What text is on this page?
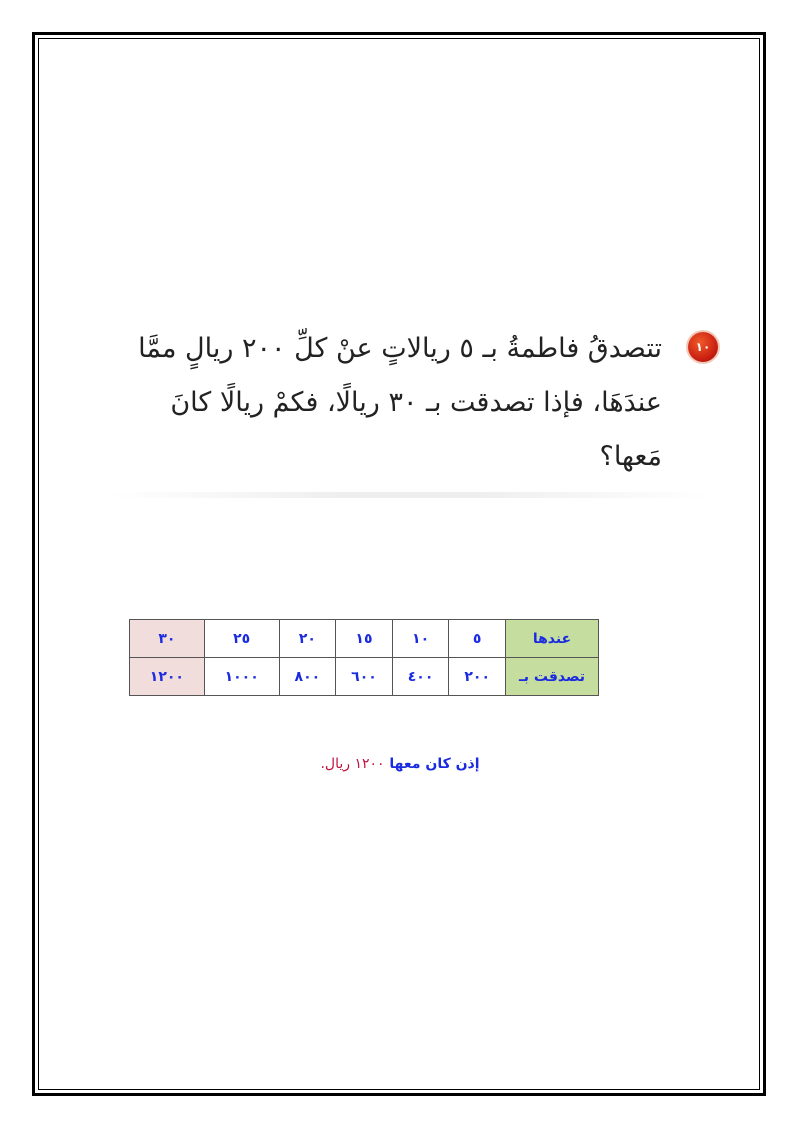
١٠
تتصدقُ فاطمةُ بـ ٥ ريالاتٍ عنْ كلِّ ٢٠٠ ريالٍ ممَّا عندَهَا، فإذا تصدقت بـ ٣٠ ريالًا، فكمْ ريالًا كانَ مَعها؟
عندها	٥	١٠	١٥	٢٠	٢٥	٣٠
تصدقت بـ	٢٠٠	٤٠٠	٦٠٠	٨٠٠	١٠٠٠	١٢٠٠
إذن كان معها ١٢٠٠ ريال.
